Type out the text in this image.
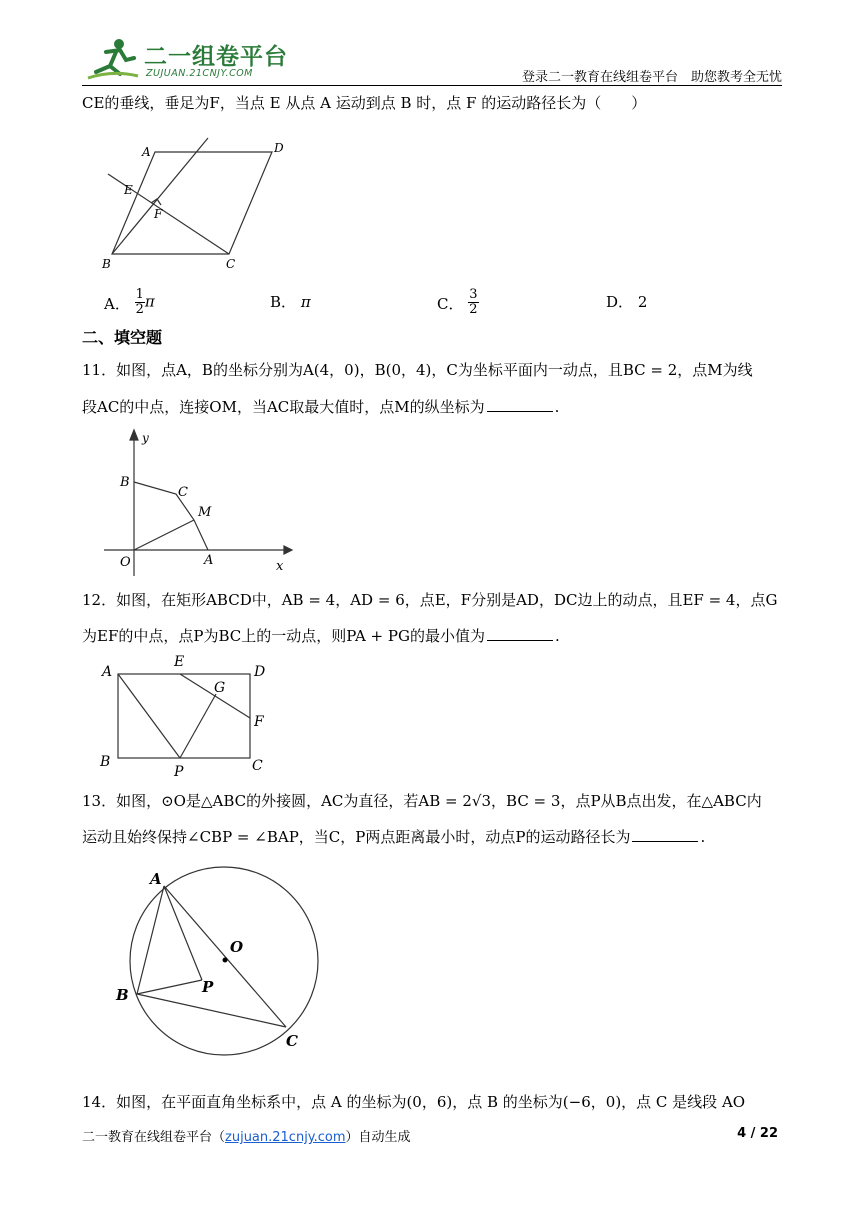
二一组卷平台
ZUJUAN.21CNJY.COM	登录二一教育在线组卷平台　助您教考全无忧
CE的垂线，垂足为F，当点 E 从点 A 运动到点 B 时，点 F 的运动路径长为（　　）
A	D
E
F
B	C
A． $\frac{1}{2}$ π	B． π	C． $\frac{3}{2}$	D． 2
二、填空题
11．如图，点A，B的坐标分别为A(4，0)，B(0，4)，C为坐标平面内一动点，且BC = 2，点M为线
段AC的中点，连接OM，当AC取最大值时，点M的纵坐标为	.
y
B
C
M
O	A	x
12．如图，在矩形ABCD中，AB = 4，AD = 6，点E，F分别是AD，DC边上的动点，且EF = 4，点G
为EF的中点，点P为BC上的一动点，则PA + PG的最小值为	.
A
E
D
G
F
B
P	C
13．如图，⊙O是△ABC的外接圆，AC为直径，若AB = 2√3，BC = 3，点P从B点出发，在△ABC内
运动且始终保持∠CBP = ∠BAP，当C，P两点距离最小时，动点P的运动路径长为	.
A
O
B	P
C
14．如图，在平面直角坐标系中，点 A 的坐标为(0，6)，点 B 的坐标为(−6，0)，点 C 是线段 AO
二一教育在线组卷平台（zujuan.21cnjy.com）自动生成	4 / 22
